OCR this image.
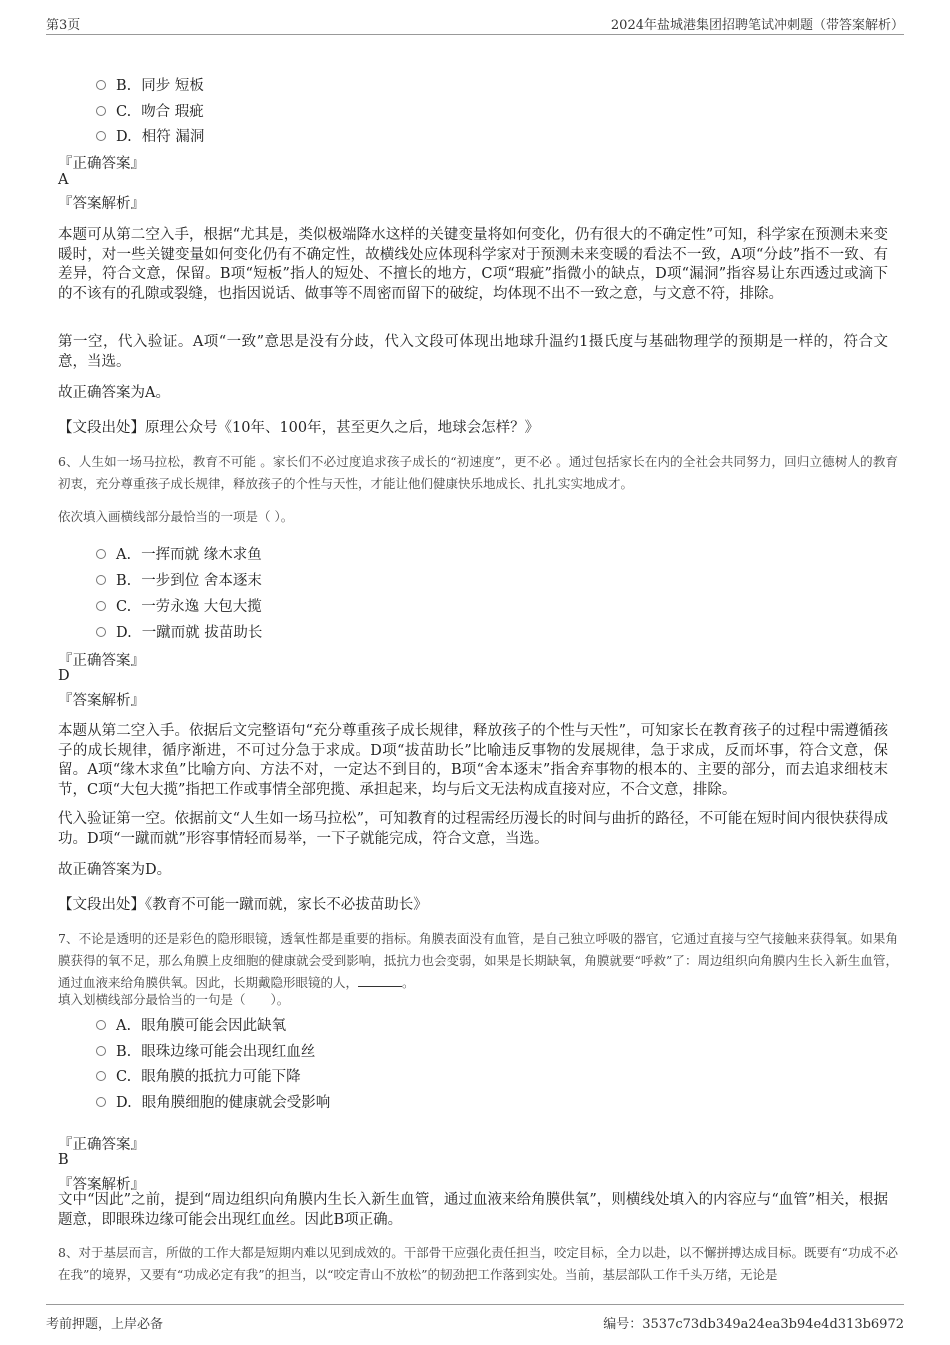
第3页	2024年盐城港集团招聘笔试冲刺题（带答案解析）
B. 同步 短板
C. 吻合 瑕疵
D. 相符 漏洞
『正确答案』
A
『答案解析』

本题可从第二空入手，根据“尤其是，类似极端降水这样的关键变量将如何变化，仍有很大的不确定性”可知，科学家在预测未来变暖时，对一些关键变量如何变化仍有不确定性，故横线处应体现科学家对于预测未来变暖的看法不一致，A项“分歧”指不一致、有差异，符合文意，保留。B项“短板”指人的短处、不擅长的地方，C项“瑕疵”指微小的缺点，D项“漏洞”指容易让东西透过或滴下的不该有的孔隙或裂缝，也指因说话、做事等不周密而留下的破绽，均体现不出不一致之意，与文意不符，排除。

第一空，代入验证。A项“一致”意思是没有分歧，代入文段可体现出地球升温约1摄氏度与基础物理学的预期是一样的，符合文意，当选。

故正确答案为A。

【文段出处】原理公众号《10年、100年，甚至更久之后，地球会怎样？》

6、人生如一场马拉松，教育不可能 。家长们不必过度追求孩子成长的“初速度”，更不必 。通过包括家长在内的全社会共同努力，回归立德树人的教育初衷，充分尊重孩子成长规律，释放孩子的个性与天性，才能让他们健康快乐地成长、扎扎实实地成才。

依次填入画横线部分最恰当的一项是（ ）。

A. 一挥而就 缘木求鱼
B. 一步到位 舍本逐末
C. 一劳永逸 大包大揽
D. 一蹴而就 拔苗助长
『正确答案』
D
『答案解析』

本题从第二空入手。依据后文完整语句“充分尊重孩子成长规律，释放孩子的个性与天性”，可知家长在教育孩子的过程中需遵循孩子的成长规律，循序渐进，不可过分急于求成。D项“拔苗助长”比喻违反事物的发展规律，急于求成，反而坏事，符合文意，保留。A项“缘木求鱼”比喻方向、方法不对，一定达不到目的，B项“舍本逐末”指舍弃事物的根本的、主要的部分，而去追求细枝末节，C项“大包大揽”指把工作或事情全部兜揽、承担起来，均与后文无法构成直接对应，不合文意，排除。

代入验证第一空。依据前文“人生如一场马拉松”，可知教育的过程需经历漫长的时间与曲折的路径，不可能在短时间内很快获得成功。D项“一蹴而就”形容事情轻而易举，一下子就能完成，符合文意，当选。

故正确答案为D。

【文段出处】《教育不可能一蹴而就，家长不必拔苗助长》

7、不论是透明的还是彩色的隐形眼镜，透氧性都是重要的指标。角膜表面没有血管，是自己独立呼吸的器官，它通过直接与空气接触来获得氧。如果角膜获得的氧不足，那么角膜上皮细胞的健康就会受到影响，抵抗力也会变弱，如果是长期缺氧，角膜就要“呼救”了：周边组织向角膜内生长入新生血管，通过血液来给角膜供氧。因此，长期戴隐形眼镜的人，	。

填入划横线部分最恰当的一句是（　　）。

A. 眼角膜可能会因此缺氧
B. 眼珠边缘可能会出现红血丝
C. 眼角膜的抵抗力可能下降
D. 眼角膜细胞的健康就会受影响
『正确答案』
B
『答案解析』

文中“因此”之前，提到“周边组织向角膜内生长入新生血管，通过血液来给角膜供氧”，则横线处填入的内容应与“血管”相关，根据题意，即眼珠边缘可能会出现红血丝。因此B项正确。

8、对于基层而言，所做的工作大都是短期内难以见到成效的。干部骨干应强化责任担当，咬定目标，全力以赴，以不懈拼搏达成目标。既要有“功成不必在我”的境界，又要有“功成必定有我”的担当，以“咬定青山不放松”的韧劲把工作落到实处。当前，基层部队工作千头万绪，无论是

考前押题，上岸必备	编号：3537c73db349a24ea3b94e4d313b6972
